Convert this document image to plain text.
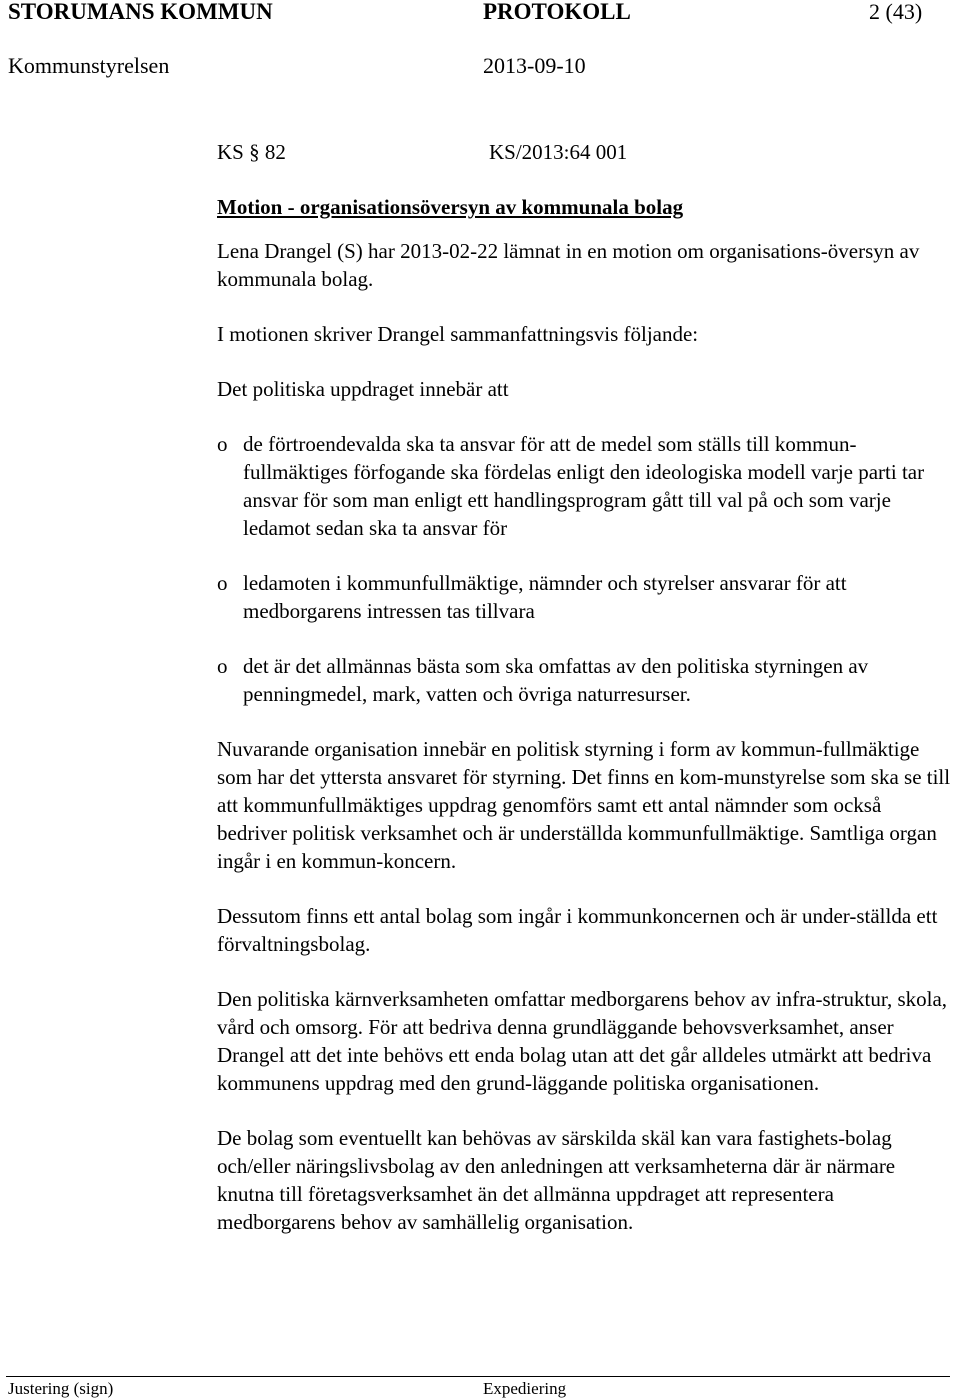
STORUMANS KOMMUN	PROTOKOLL	2 (43)
Kommunstyrelsen	2013-09-10

KS § 82	KS/2013:64 001

Motion - organisationsöversyn av kommunala bolag

Lena Drangel (S) har 2013-02-22 lämnat in en motion om organisations-översyn av kommunala bolag.

I motionen skriver Drangel sammanfattningsvis följande:

Det politiska uppdraget innebär att

o de förtroendevalda ska ta ansvar för att de medel som ställs till kommun-fullmäktiges förfogande ska fördelas enligt den ideologiska modell varje parti tar ansvar för som man enligt ett handlingsprogram gått till val på och som varje ledamot sedan ska ta ansvar för
o ledamoten i kommunfullmäktige, nämnder och styrelser ansvarar för att medborgarens intressen tas tillvara
o det är det allmännas bästa som ska omfattas av den politiska styrningen av penningmedel, mark, vatten och övriga naturresurser.

Nuvarande organisation innebär en politisk styrning i form av kommun-fullmäktige som har det yttersta ansvaret för styrning. Det finns en kom-munstyrelse som ska se till att kommunfullmäktiges uppdrag genomförs samt ett antal nämnder som också bedriver politisk verksamhet och är underställda kommunfullmäktige. Samtliga organ ingår i en kommun-koncern.

Dessutom finns ett antal bolag som ingår i kommunkoncernen och är under-ställda ett förvaltningsbolag.

Den politiska kärnverksamheten omfattar medborgarens behov av infra-struktur, skola, vård och omsorg. För att bedriva denna grundläggande behovsverksamhet, anser Drangel att det inte behövs ett enda bolag utan att det går alldeles utmärkt att bedriva kommunens uppdrag med den grund-läggande politiska organisationen.

De bolag som eventuellt kan behövas av särskilda skäl kan vara fastighets-bolag och/eller näringslivsbolag av den anledningen att verksamheterna där är närmare knutna till företagsverksamhet än det allmänna uppdraget att representera medborgarens behov av samhällelig organisation.

Justering (sign)	Expediering
